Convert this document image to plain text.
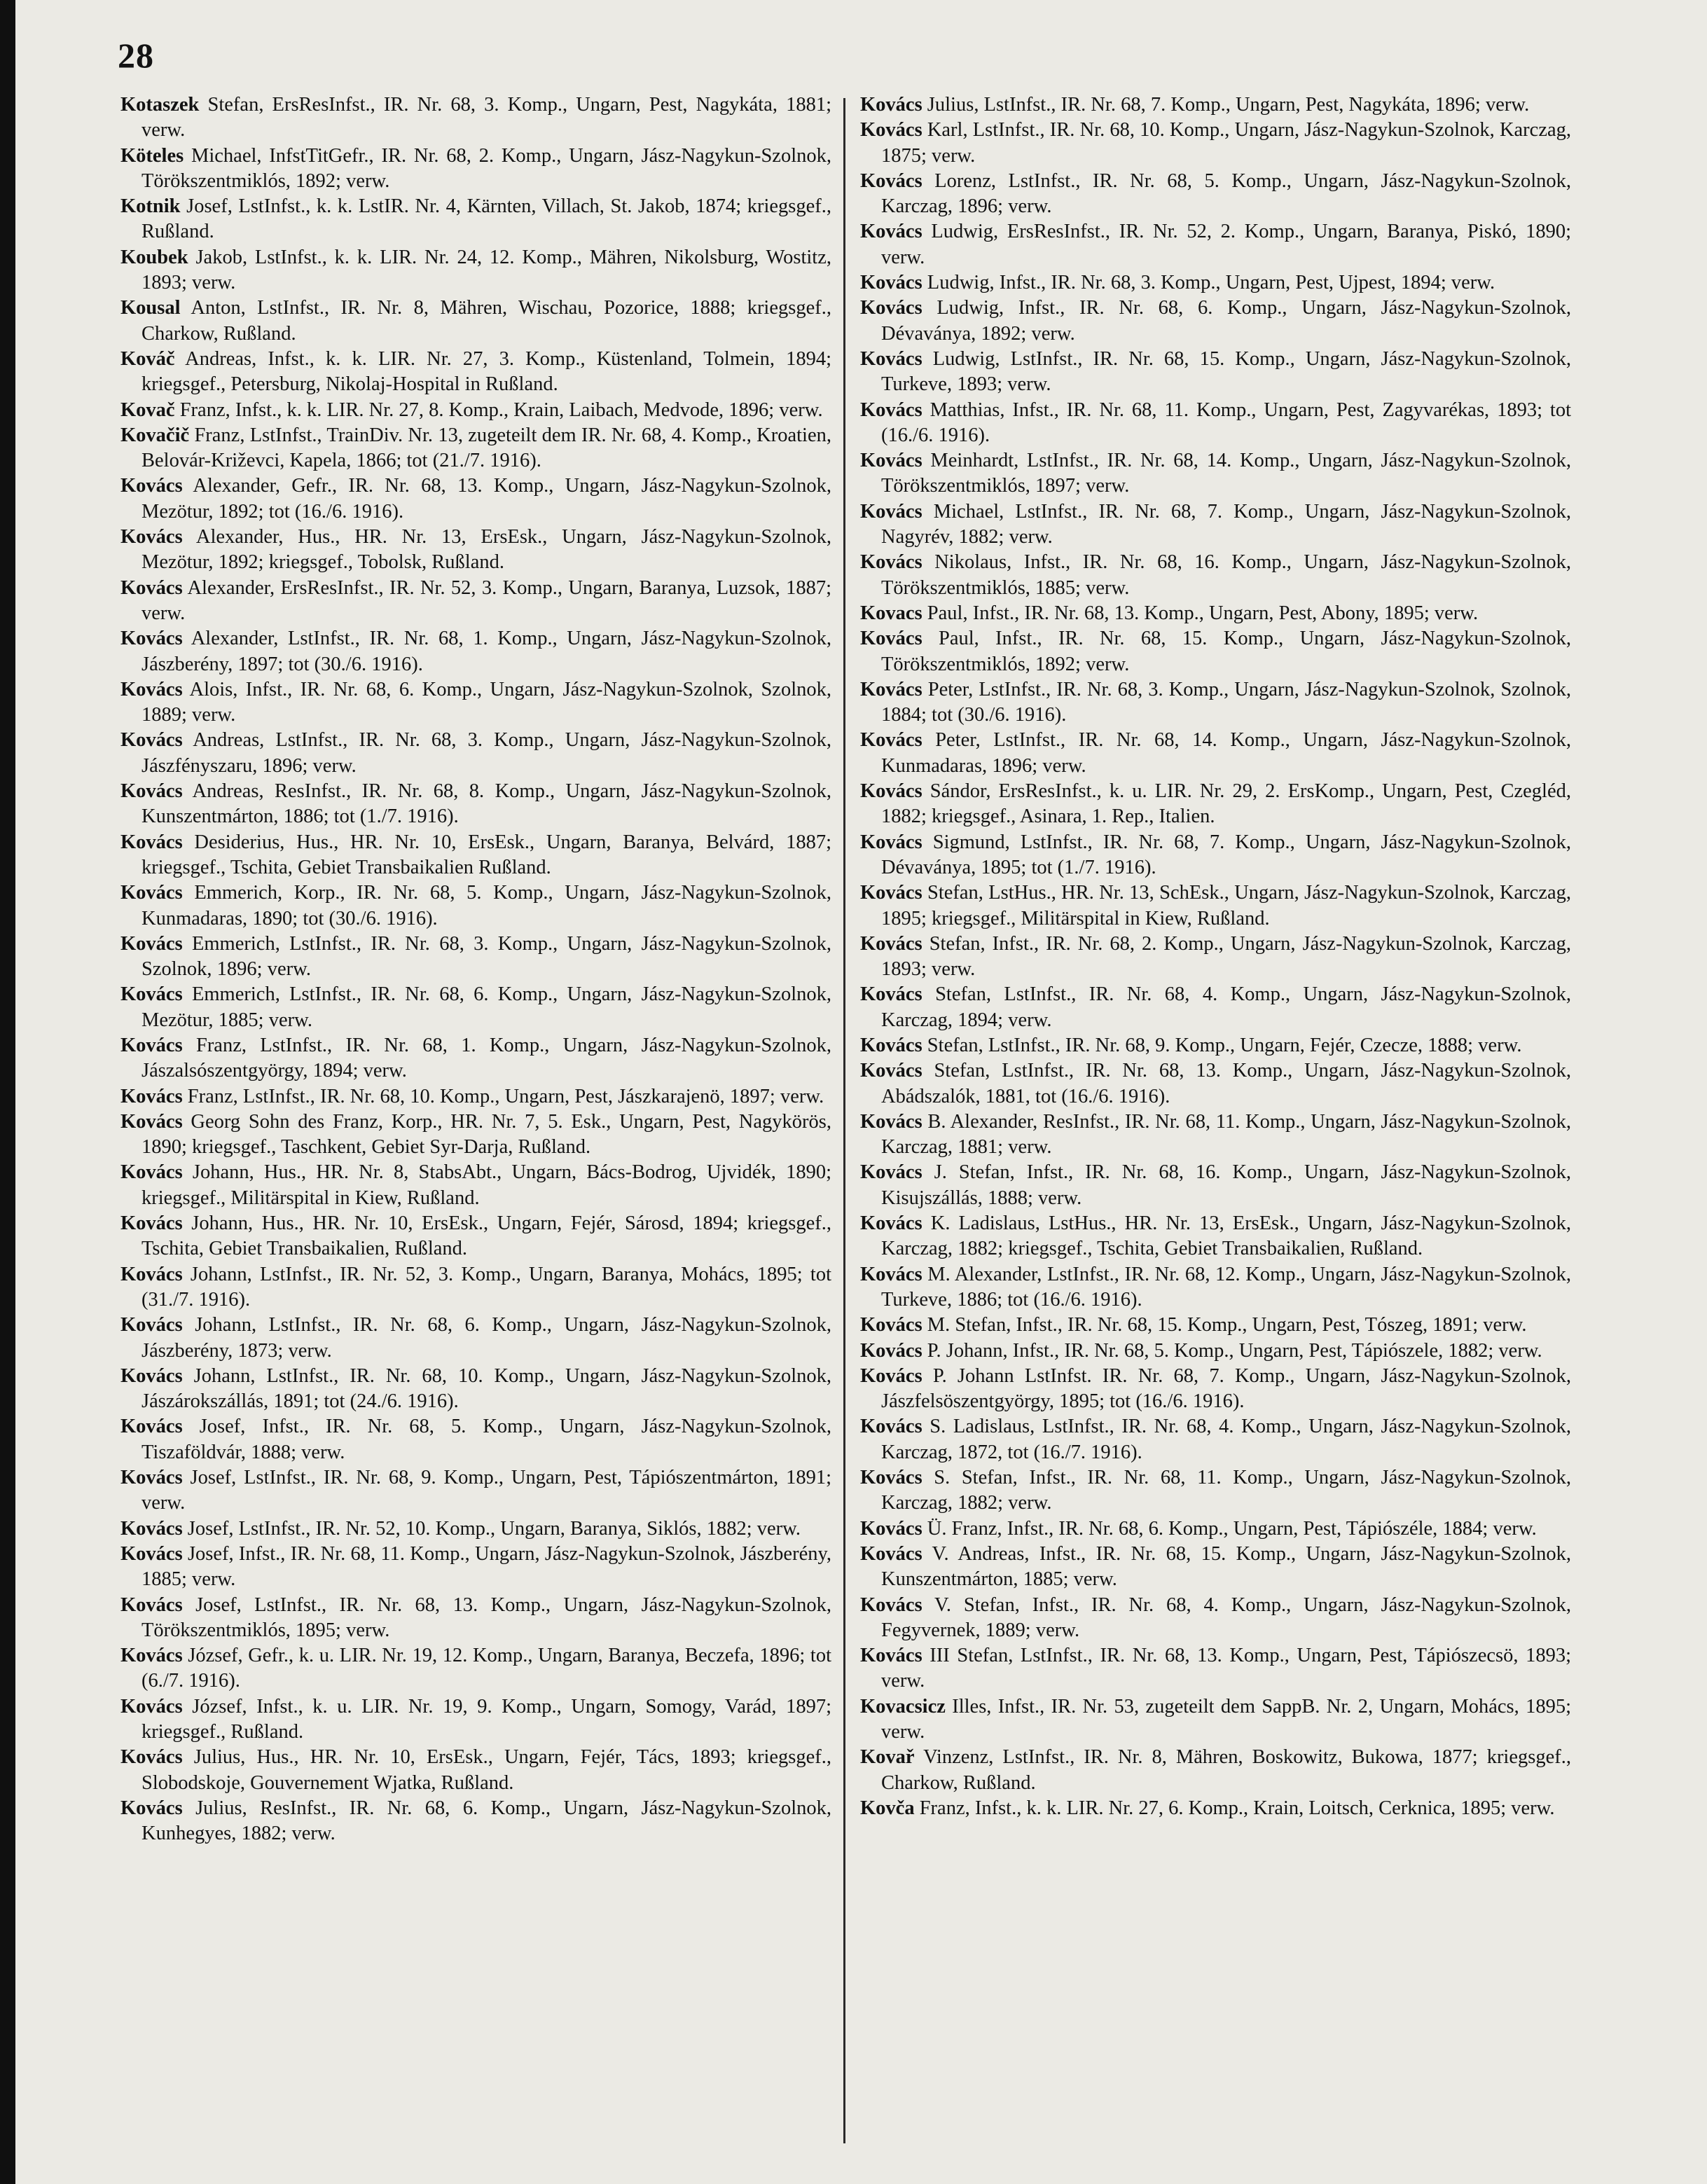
28

Kotaszek Stefan, ErsResInfst., IR. Nr. 68, 3. Komp., Ungarn, Pest, Nagykáta, 1881; verw.

Köteles Michael, InfstTitGefr., IR. Nr. 68, 2. Komp., Ungarn, Jász-Nagykun-Szolnok, Törökszentmiklós, 1892; verw.

Kotnik Josef, LstInfst., k. k. LstIR. Nr. 4, Kärnten, Villach, St. Jakob, 1874; kriegsgef., Rußland.

Koubek Jakob, LstInfst., k. k. LIR. Nr. 24, 12. Komp., Mähren, Nikolsburg, Wostitz, 1893; verw.

Kousal Anton, LstInfst., IR. Nr. 8, Mähren, Wischau, Pozorice, 1888; kriegsgef., Charkow, Rußland.

Kováč Andreas, Infst., k. k. LIR. Nr. 27, 3. Komp., Küstenland, Tolmein, 1894; kriegsgef., Petersburg, Nikolaj-Hospital in Rußland.

Kovač Franz, Infst., k. k. LIR. Nr. 27, 8. Komp., Krain, Laibach, Medvode, 1896; verw.

Kovačič Franz, LstInfst., TrainDiv. Nr. 13, zugeteilt dem IR. Nr. 68, 4. Komp., Kroatien, Belovár-Križevci, Kapela, 1866; tot (21./7. 1916).

Kovács Alexander, Gefr., IR. Nr. 68, 13. Komp., Ungarn, Jász-Nagykun-Szolnok, Mezötur, 1892; tot (16./6. 1916).

Kovács Alexander, Hus., HR. Nr. 13, ErsEsk., Ungarn, Jász-Nagykun-Szolnok, Mezötur, 1892; kriegsgef., Tobolsk, Rußland.

Kovács Alexander, ErsResInfst., IR. Nr. 52, 3. Komp., Ungarn, Baranya, Luzsok, 1887; verw.

Kovács Alexander, LstInfst., IR. Nr. 68, 1. Komp., Ungarn, Jász-Nagykun-Szolnok, Jászberény, 1897; tot (30./6. 1916).

Kovács Alois, Infst., IR. Nr. 68, 6. Komp., Ungarn, Jász-Nagykun-Szolnok, Szolnok, 1889; verw.

Kovács Andreas, LstInfst., IR. Nr. 68, 3. Komp., Ungarn, Jász-Nagykun-Szolnok, Jászfényszaru, 1896; verw.

Kovács Andreas, ResInfst., IR. Nr. 68, 8. Komp., Ungarn, Jász-Nagykun-Szolnok, Kunszentmárton, 1886; tot (1./7. 1916).

Kovács Desiderius, Hus., HR. Nr. 10, ErsEsk., Ungarn, Baranya, Belvárd, 1887; kriegsgef., Tschita, Gebiet Transbaikalien Rußland.

Kovács Emmerich, Korp., IR. Nr. 68, 5. Komp., Ungarn, Jász-Nagykun-Szolnok, Kunmadaras, 1890; tot (30./6. 1916).

Kovács Emmerich, LstInfst., IR. Nr. 68, 3. Komp., Ungarn, Jász-Nagykun-Szolnok, Szolnok, 1896; verw.

Kovács Emmerich, LstInfst., IR. Nr. 68, 6. Komp., Ungarn, Jász-Nagykun-Szolnok, Mezötur, 1885; verw.

Kovács Franz, LstInfst., IR. Nr. 68, 1. Komp., Ungarn, Jász-Nagykun-Szolnok, Jászalsószentgyörgy, 1894; verw.

Kovács Franz, LstInfst., IR. Nr. 68, 10. Komp., Ungarn, Pest, Jászkarajenö, 1897; verw.

Kovács Georg Sohn des Franz, Korp., HR. Nr. 7, 5. Esk., Ungarn, Pest, Nagykörös, 1890; kriegsgef., Taschkent, Gebiet Syr-Darja, Rußland.

Kovács Johann, Hus., HR. Nr. 8, StabsAbt., Ungarn, Bács-Bodrog, Ujvidék, 1890; kriegsgef., Militärspital in Kiew, Rußland.

Kovács Johann, Hus., HR. Nr. 10, ErsEsk., Ungarn, Fejér, Sárosd, 1894; kriegsgef., Tschita, Gebiet Transbaikalien, Rußland.

Kovács Johann, LstInfst., IR. Nr. 52, 3. Komp., Ungarn, Baranya, Mohács, 1895; tot (31./7. 1916).

Kovács Johann, LstInfst., IR. Nr. 68, 6. Komp., Ungarn, Jász-Nagykun-Szolnok, Jászberény, 1873; verw.

Kovács Johann, LstInfst., IR. Nr. 68, 10. Komp., Ungarn, Jász-Nagykun-Szolnok, Jászárokszállás, 1891; tot (24./6. 1916).

Kovács Josef, Infst., IR. Nr. 68, 5. Komp., Ungarn, Jász-Nagykun-Szolnok, Tiszaföldvár, 1888; verw.

Kovács Josef, LstInfst., IR. Nr. 68, 9. Komp., Ungarn, Pest, Tápiószentmárton, 1891; verw.

Kovács Josef, LstInfst., IR. Nr. 52, 10. Komp., Ungarn, Baranya, Siklós, 1882; verw.

Kovács Josef, Infst., IR. Nr. 68, 11. Komp., Ungarn, Jász-Nagykun-Szolnok, Jászberény, 1885; verw.

Kovács Josef, LstInfst., IR. Nr. 68, 13. Komp., Ungarn, Jász-Nagykun-Szolnok, Törökszentmiklós, 1895; verw.

Kovács József, Gefr., k. u. LIR. Nr. 19, 12. Komp., Ungarn, Baranya, Beczefa, 1896; tot (6./7. 1916).

Kovács József, Infst., k. u. LIR. Nr. 19, 9. Komp., Ungarn, Somogy, Varád, 1897; kriegsgef., Rußland.

Kovács Julius, Hus., HR. Nr. 10, ErsEsk., Ungarn, Fejér, Tács, 1893; kriegsgef., Slobodskoje, Gouvernement Wjatka, Rußland.

Kovács Julius, ResInfst., IR. Nr. 68, 6. Komp., Ungarn, Jász-Nagykun-Szolnok, Kunhegyes, 1882; verw.

Kovács Julius, LstInfst., IR. Nr. 68, 7. Komp., Ungarn, Pest, Nagykáta, 1896; verw.

Kovács Karl, LstInfst., IR. Nr. 68, 10. Komp., Ungarn, Jász-Nagykun-Szolnok, Karczag, 1875; verw.

Kovács Lorenz, LstInfst., IR. Nr. 68, 5. Komp., Ungarn, Jász-Nagykun-Szolnok, Karczag, 1896; verw.

Kovács Ludwig, ErsResInfst., IR. Nr. 52, 2. Komp., Ungarn, Baranya, Piskó, 1890; verw.

Kovács Ludwig, Infst., IR. Nr. 68, 3. Komp., Ungarn, Pest, Ujpest, 1894; verw.

Kovács Ludwig, Infst., IR. Nr. 68, 6. Komp., Ungarn, Jász-Nagykun-Szolnok, Dévaványa, 1892; verw.

Kovács Ludwig, LstInfst., IR. Nr. 68, 15. Komp., Ungarn, Jász-Nagykun-Szolnok, Turkeve, 1893; verw.

Kovács Matthias, Infst., IR. Nr. 68, 11. Komp., Ungarn, Pest, Zagyvarékas, 1893; tot (16./6. 1916).

Kovács Meinhardt, LstInfst., IR. Nr. 68, 14. Komp., Ungarn, Jász-Nagykun-Szolnok, Törökszentmiklós, 1897; verw.

Kovács Michael, LstInfst., IR. Nr. 68, 7. Komp., Ungarn, Jász-Nagykun-Szolnok, Nagyrév, 1882; verw.

Kovács Nikolaus, Infst., IR. Nr. 68, 16. Komp., Ungarn, Jász-Nagykun-Szolnok, Törökszentmiklós, 1885; verw.

Kovacs Paul, Infst., IR. Nr. 68, 13. Komp., Ungarn, Pest, Abony, 1895; verw.

Kovács Paul, Infst., IR. Nr. 68, 15. Komp., Ungarn, Jász-Nagykun-Szolnok, Törökszentmiklós, 1892; verw.

Kovács Peter, LstInfst., IR. Nr. 68, 3. Komp., Ungarn, Jász-Nagykun-Szolnok, Szolnok, 1884; tot (30./6. 1916).

Kovács Peter, LstInfst., IR. Nr. 68, 14. Komp., Ungarn, Jász-Nagykun-Szolnok, Kunmadaras, 1896; verw.

Kovács Sándor, ErsResInfst., k. u. LIR. Nr. 29, 2. ErsKomp., Ungarn, Pest, Czegléd, 1882; kriegsgef., Asinara, 1. Rep., Italien.

Kovács Sigmund, LstInfst., IR. Nr. 68, 7. Komp., Ungarn, Jász-Nagykun-Szolnok, Dévaványa, 1895; tot (1./7. 1916).

Kovács Stefan, LstHus., HR. Nr. 13, SchEsk., Ungarn, Jász-Nagykun-Szolnok, Karczag, 1895; kriegsgef., Militärspital in Kiew, Rußland.

Kovács Stefan, Infst., IR. Nr. 68, 2. Komp., Ungarn, Jász-Nagykun-Szolnok, Karczag, 1893; verw.

Kovács Stefan, LstInfst., IR. Nr. 68, 4. Komp., Ungarn, Jász-Nagykun-Szolnok, Karczag, 1894; verw.

Kovács Stefan, LstInfst., IR. Nr. 68, 9. Komp., Ungarn, Fejér, Czecze, 1888; verw.

Kovács Stefan, LstInfst., IR. Nr. 68, 13. Komp., Ungarn, Jász-Nagykun-Szolnok, Abádszalók, 1881, tot (16./6. 1916).

Kovács B. Alexander, ResInfst., IR. Nr. 68, 11. Komp., Ungarn, Jász-Nagykun-Szolnok, Karczag, 1881; verw.

Kovács J. Stefan, Infst., IR. Nr. 68, 16. Komp., Ungarn, Jász-Nagykun-Szolnok, Kisujszállás, 1888; verw.

Kovács K. Ladislaus, LstHus., HR. Nr. 13, ErsEsk., Ungarn, Jász-Nagykun-Szolnok, Karczag, 1882; kriegsgef., Tschita, Gebiet Transbaikalien, Rußland.

Kovács M. Alexander, LstInfst., IR. Nr. 68, 12. Komp., Ungarn, Jász-Nagykun-Szolnok, Turkeve, 1886; tot (16./6. 1916).

Kovács M. Stefan, Infst., IR. Nr. 68, 15. Komp., Ungarn, Pest, Tószeg, 1891; verw.

Kovács P. Johann, Infst., IR. Nr. 68, 5. Komp., Ungarn, Pest, Tápiószele, 1882; verw.

Kovács P. Johann LstInfst. IR. Nr. 68, 7. Komp., Ungarn, Jász-Nagykun-Szolnok, Jászfelsöszentgyörgy, 1895; tot (16./6. 1916).

Kovács S. Ladislaus, LstInfst., IR. Nr. 68, 4. Komp., Ungarn, Jász-Nagykun-Szolnok, Karczag, 1872, tot (16./7. 1916).

Kovács S. Stefan, Infst., IR. Nr. 68, 11. Komp., Ungarn, Jász-Nagykun-Szolnok, Karczag, 1882; verw.

Kovács Ü. Franz, Infst., IR. Nr. 68, 6. Komp., Ungarn, Pest, Tápiószéle, 1884; verw.

Kovács V. Andreas, Infst., IR. Nr. 68, 15. Komp., Ungarn, Jász-Nagykun-Szolnok, Kunszentmárton, 1885; verw.

Kovács V. Stefan, Infst., IR. Nr. 68, 4. Komp., Ungarn, Jász-Nagykun-Szolnok, Fegyvernek, 1889; verw.

Kovács III Stefan, LstInfst., IR. Nr. 68, 13. Komp., Ungarn, Pest, Tápiószecsö, 1893; verw.

Kovacsicz Illes, Infst., IR. Nr. 53, zugeteilt dem SappB. Nr. 2, Ungarn, Mohács, 1895; verw.

Kovař Vinzenz, LstInfst., IR. Nr. 8, Mähren, Boskowitz, Bukowa, 1877; kriegsgef., Charkow, Rußland.

Kovča Franz, Infst., k. k. LIR. Nr. 27, 6. Komp., Krain, Loitsch, Cerknica, 1895; verw.
